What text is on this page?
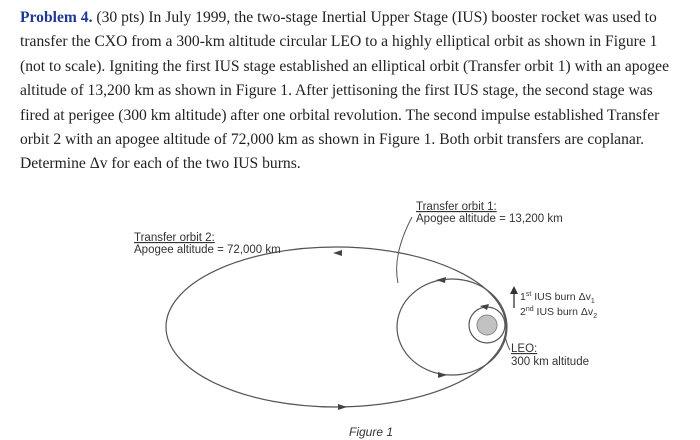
Problem 4. (30 pts) In July 1999, the two-stage Inertial Upper Stage (IUS) booster rocket was used to
transfer the CXO from a 300-km altitude circular LEO to a highly elliptical orbit as shown in Figure 1
(not to scale). Igniting the first IUS stage established an elliptical orbit (Transfer orbit 1) with an apogee
altitude of 13,200 km as shown in Figure 1. After jettisoning the first IUS stage, the second stage was
fired at perigee (300 km altitude) after one orbital revolution. The second impulse established Transfer
orbit 2 with an apogee altitude of 72,000 km as shown in Figure 1. Both orbit transfers are coplanar.
Determine Δv for each of the two IUS burns.
Transfer orbit 2:
Apogee altitude = 72,000 km
Transfer orbit 1:
Apogee altitude = 13,200 km
1st IUS burn $\Delta v_1$
2nd IUS burn $\Delta v_2$
LEO:
300 km altitude
Figure 1
